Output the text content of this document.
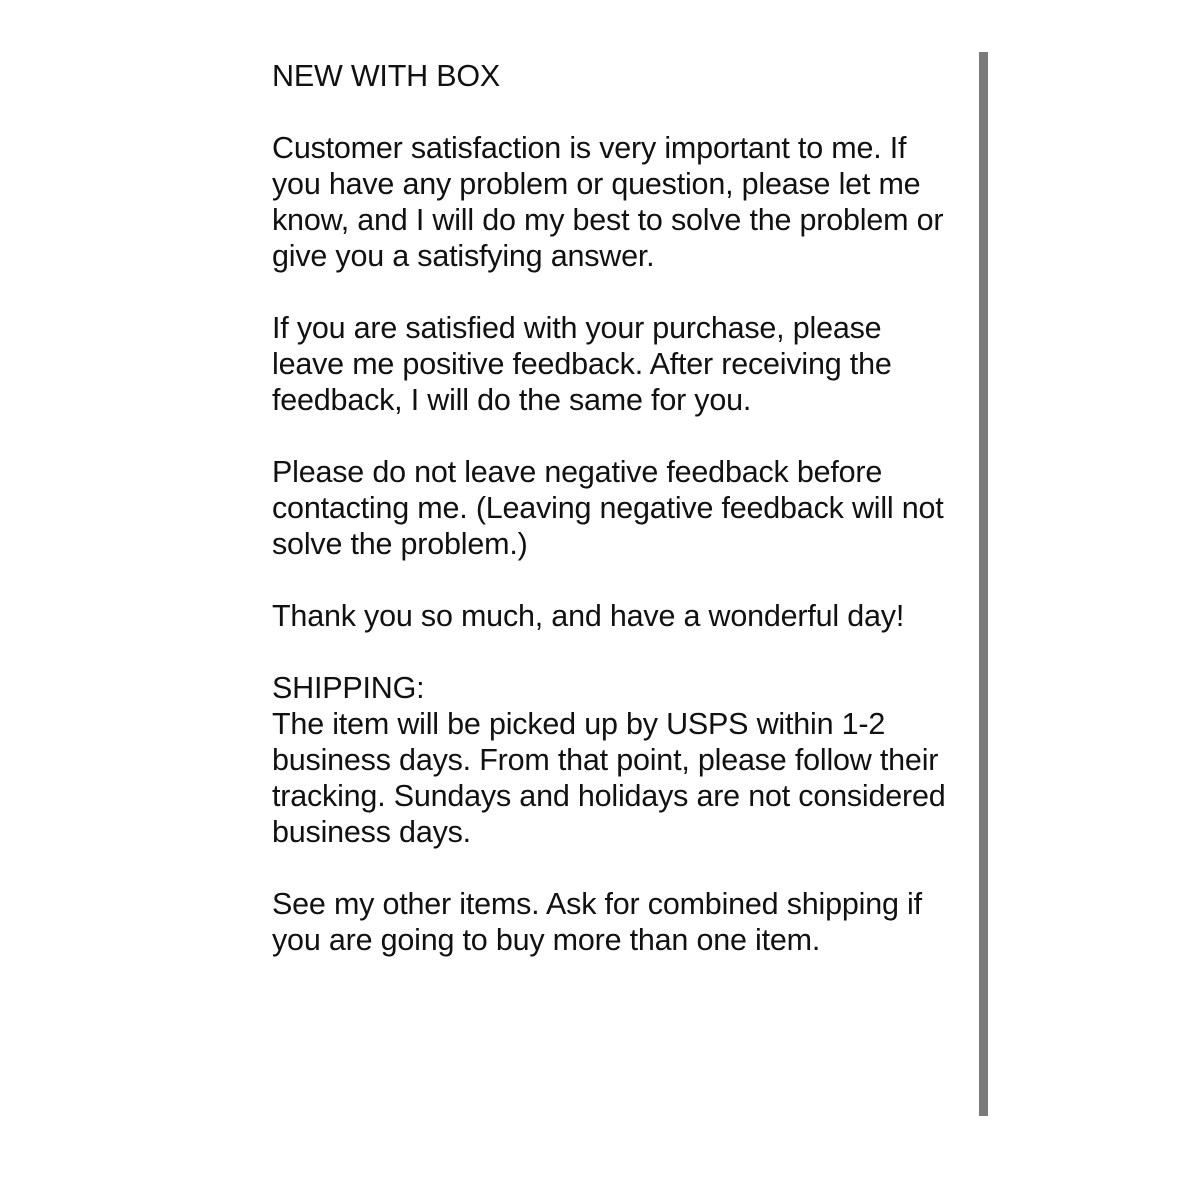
NEW WITH BOX

Customer satisfaction is very important to me. If you have any problem or question, please let me know, and I will do my best to solve the problem or give you a satisfying answer.

If you are satisfied with your purchase, please leave me positive feedback. After receiving the feedback, I will do the same for you.

Please do not leave negative feedback before contacting me. (Leaving negative feedback will not solve the problem.)

Thank you so much, and have a wonderful day!

SHIPPING:

The item will be picked up by USPS within 1-2 business days. From that point, please follow their tracking. Sundays and holidays are not considered business days.

See my other items. Ask for combined shipping if you are going to buy more than one item.
